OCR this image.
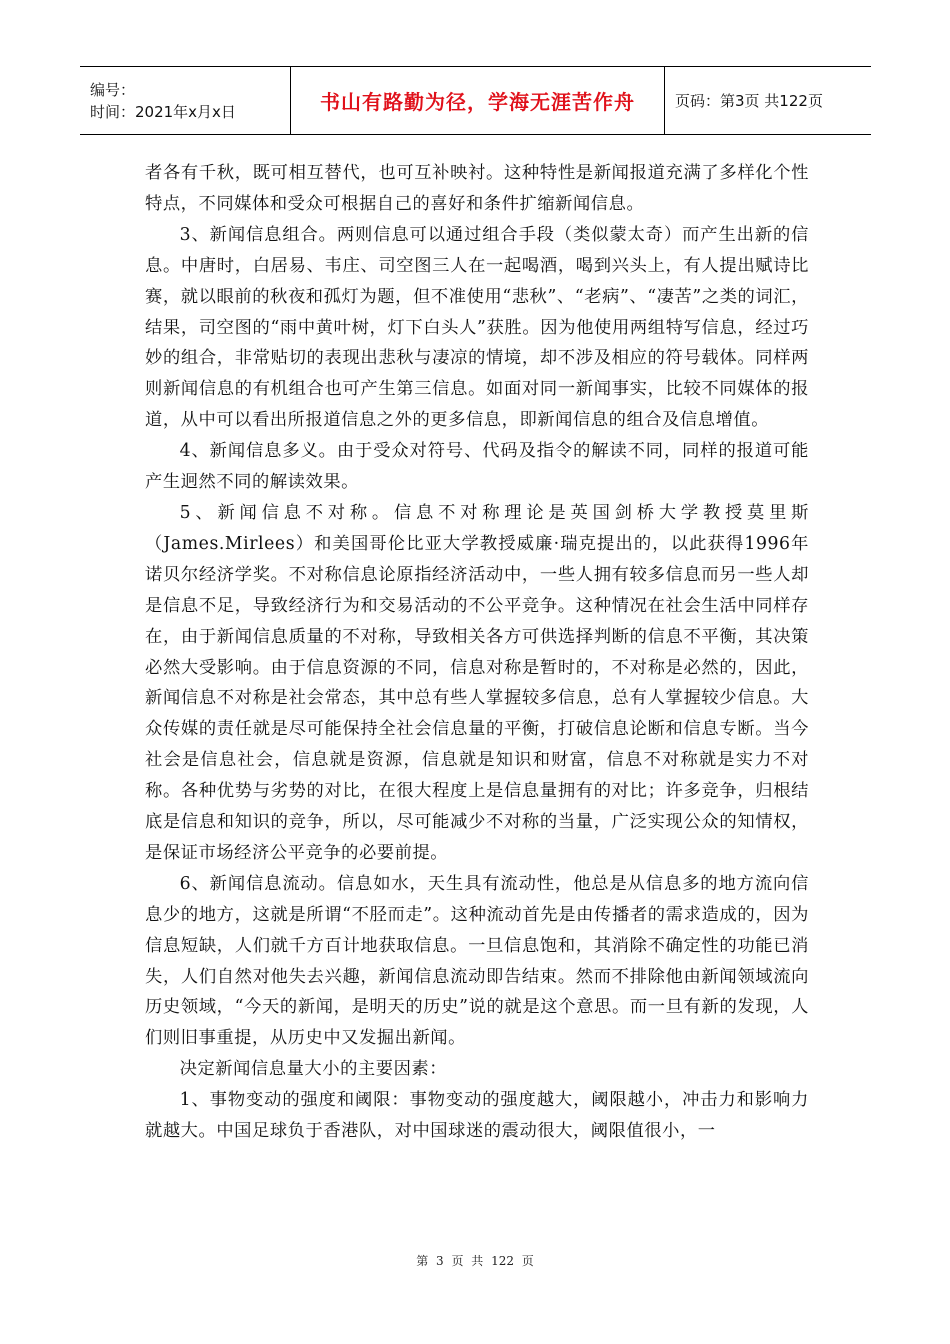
编号：
时间：2021年x月x日	书山有路勤为径，学海无涯苦作舟	页码：第3页 共122页

者各有千秋，既可相互替代，也可互补映衬。这种特性是新闻报道充满了多样化个性特点，不同媒体和受众可根据自己的喜好和条件扩缩新闻信息。

3、新闻信息组合。两则信息可以通过组合手段（类似蒙太奇）而产生出新的信息。中唐时，白居易、韦庄、司空图三人在一起喝酒，喝到兴头上，有人提出赋诗比赛，就以眼前的秋夜和孤灯为题，但不准使用“悲秋”、“老病”、“凄苦”之类的词汇，结果，司空图的“雨中黄叶树，灯下白头人”获胜。因为他使用两组特写信息，经过巧妙的组合，非常贴切的表现出悲秋与凄凉的情境，却不涉及相应的符号载体。同样两则新闻信息的有机组合也可产生第三信息。如面对同一新闻事实，比较不同媒体的报道，从中可以看出所报道信息之外的更多信息，即新闻信息的组合及信息增值。

4、新闻信息多义。由于受众对符号、代码及指令的解读不同，同样的报道可能产生迥然不同的解读效果。

5、新闻信息不对称。信息不对称理论是英国剑桥大学教授莫里斯（James.Mirlees）和美国哥伦比亚大学教授威廉·瑞克提出的，以此获得1996年诺贝尔经济学奖。不对称信息论原指经济活动中，一些人拥有较多信息而另一些人却是信息不足，导致经济行为和交易活动的不公平竞争。这种情况在社会生活中同样存在，由于新闻信息质量的不对称，导致相关各方可供选择判断的信息不平衡，其决策必然大受影响。由于信息资源的不同，信息对称是暂时的，不对称是必然的，因此，新闻信息不对称是社会常态，其中总有些人掌握较多信息，总有人掌握较少信息。大众传媒的责任就是尽可能保持全社会信息量的平衡，打破信息论断和信息专断。当今社会是信息社会，信息就是资源，信息就是知识和财富，信息不对称就是实力不对称。各种优势与劣势的对比，在很大程度上是信息量拥有的对比；许多竞争，归根结底是信息和知识的竞争，所以，尽可能减少不对称的当量，广泛实现公众的知情权，是保证市场经济公平竞争的必要前提。

6、新闻信息流动。信息如水，天生具有流动性，他总是从信息多的地方流向信息少的地方，这就是所谓“不胫而走”。这种流动首先是由传播者的需求造成的，因为信息短缺，人们就千方百计地获取信息。一旦信息饱和，其消除不确定性的功能已消失，人们自然对他失去兴趣，新闻信息流动即告结束。然而不排除他由新闻领域流向历史领域，“今天的新闻，是明天的历史”说的就是这个意思。而一旦有新的发现，人们则旧事重提，从历史中又发掘出新闻。

决定新闻信息量大小的主要因素：

1、事物变动的强度和阈限：事物变动的强度越大，阈限越小，冲击力和影响力就越大。中国足球负于香港队，对中国球迷的震动很大，阈限值很小，一

第 3 页 共 122 页
